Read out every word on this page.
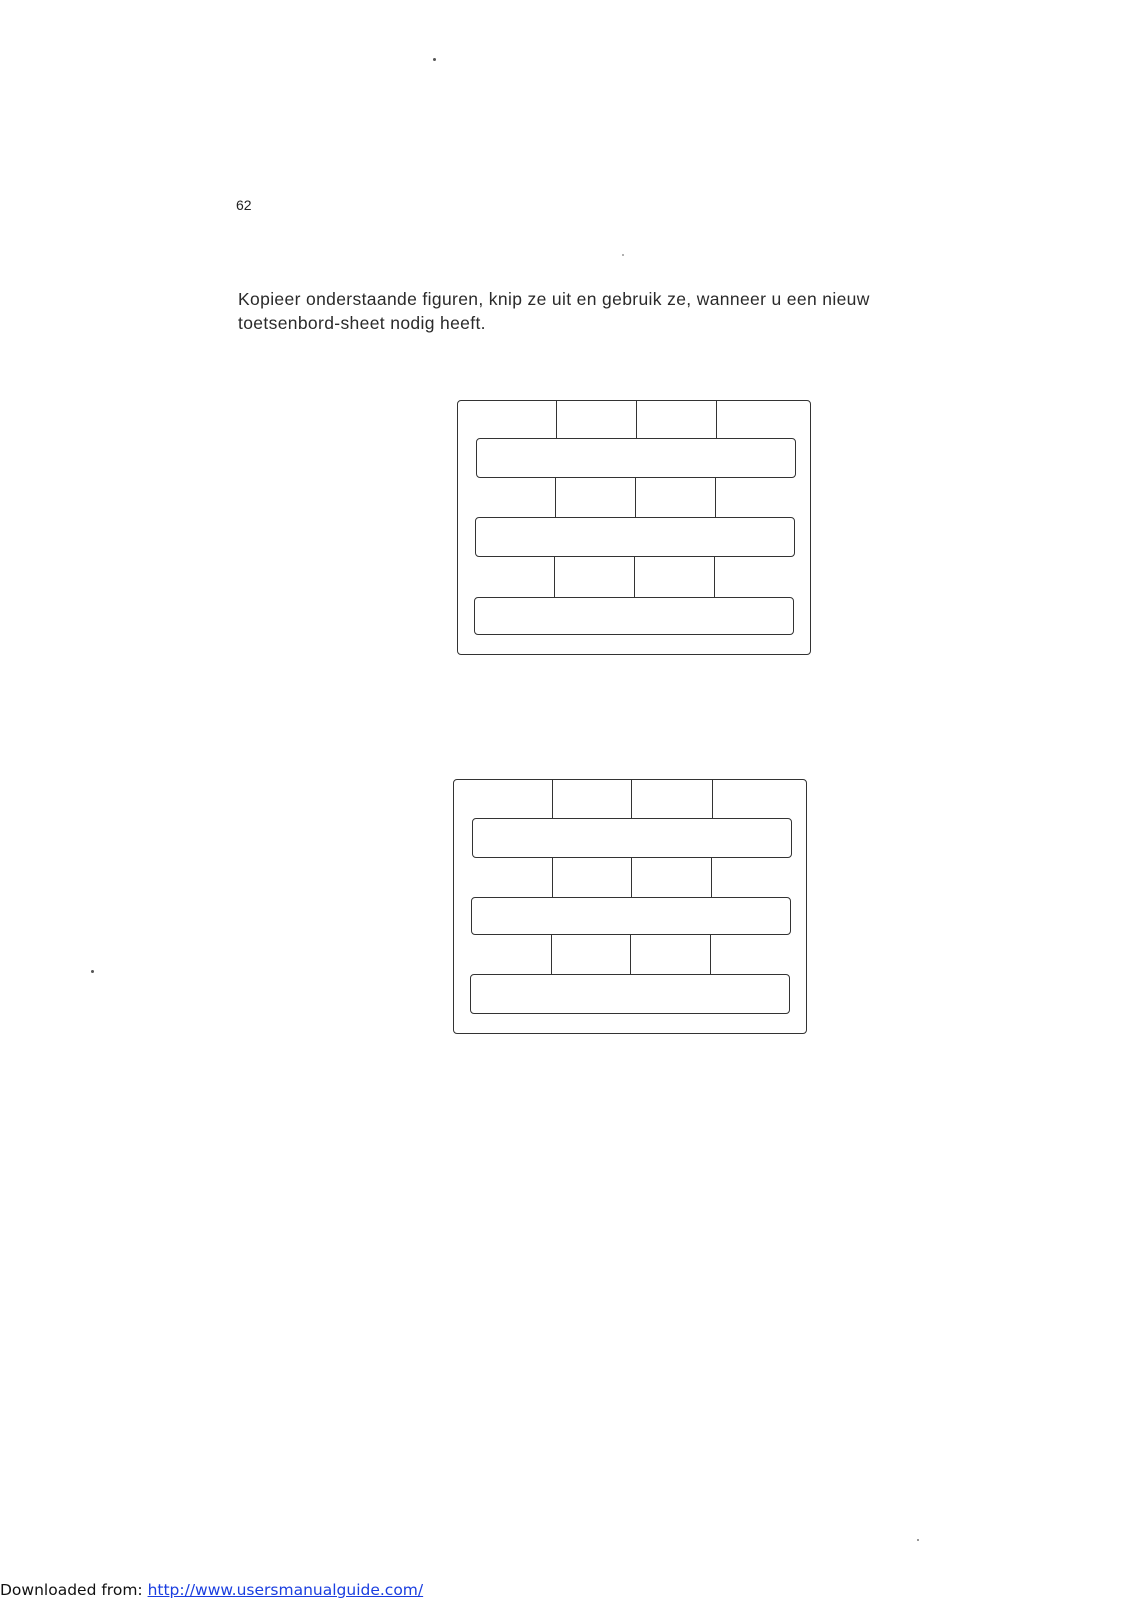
62
Kopieer onderstaande figuren, knip ze uit en gebruik ze, wanneer u een nieuw
toetsenbord-sheet nodig heeft.
Downloaded from: http://www.usersmanualguide.com/
